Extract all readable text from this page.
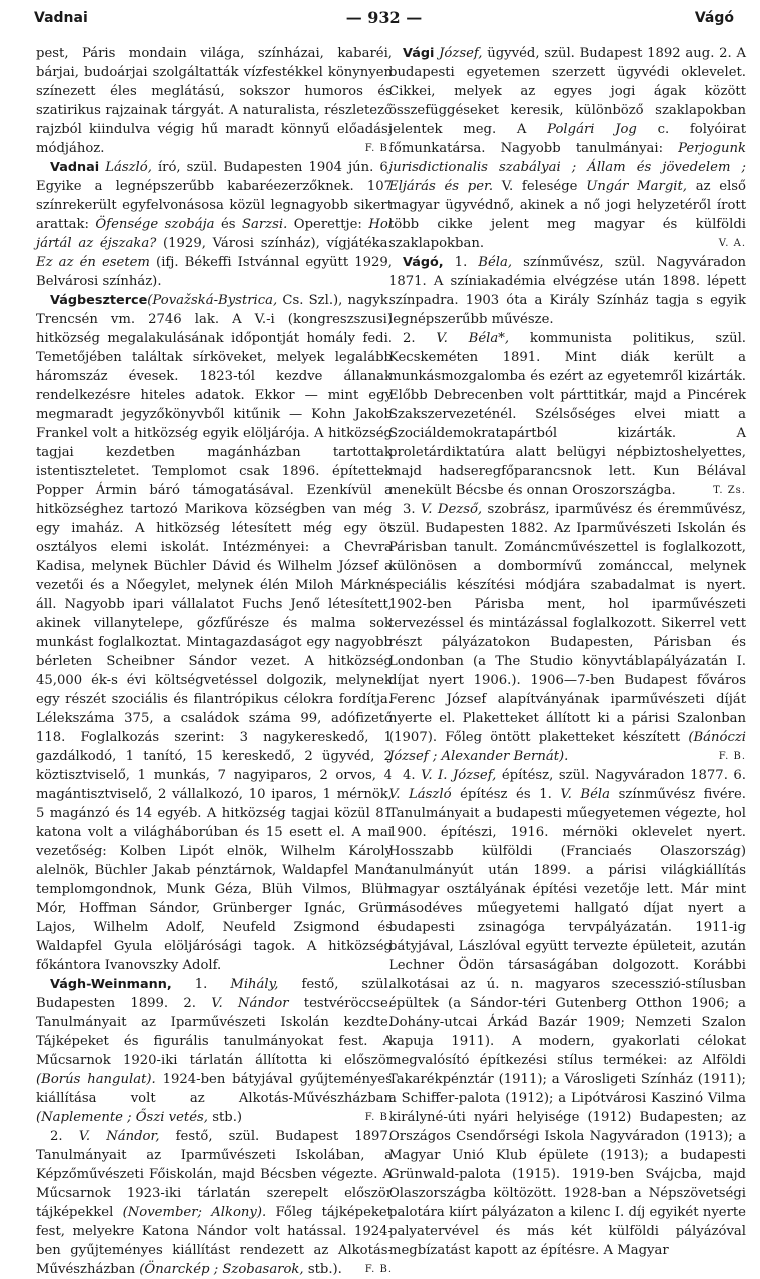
Vadnai	— 932 —	Vágó

pest, Páris mondain világa, színházai, kabaréi, bárjai, budoárjai szolgáltatták vízfestékkel könynyen színezett éles meglátású, sokszor humoros és szatirikus rajzainak tárgyát. A naturalista, részletező rajzból kiindulva végig hű maradt könnyű előadási módjához.	F. B.

Vadnai László, író, szül. Budapesten 1904 jún. 6. Egyike a legnépszerűbb kabaréezerzőknek. 107 színrekerült egyfelvonásosa közül legnagyobb sikert arattak: Öfensége szobája és Sarzsi. Operettje: Hol jártál az éjszaka? (1929, Városi színház), vígjátéka: Ez az én esetem (ifj. Békeffi Istvánnal együtt 1929, Belvárosi színház).

Vágbeszterce(Považská-Bystrica, Cs. Szl.), nagyk. Trencsén vm. 2746 lak. A V.-i (kongreszszusi) hitközség megalakulásának időpontját homály fedi. Temetőjében találtak sírköveket, melyek legalább háromszáz évesek. 1823-tól kezdve állanak rendelkezésre hiteles adatok. Ekkor — mint egy megmaradt jegyzőkönyvből kitűnik — Kohn Jakob Frankel volt a hitközség egyik elöljárója. A hitközség tagjai kezdetben magánházban tartottak istentiszteletet. Templomot csak 1896. építettek Popper Ármin báró támogatásával. Ezenkívül a hitközséghez tartozó Marikova községben van még egy imaház. A hitközség létesített még egy öt osztályos elemi iskolát. Intézményei: a Chevra Kadisa, melynek Büchler Dávid és Wilhelm József a vezetői és a Nőegylet, melynek élén Miloh Márkné áll. Nagyobb ipari vállalatot Fuchs Jenő létesített, akinek villanytelepe, gőzfűrésze és malma sok munkást foglalkoztat. Mintagazdaságot egy nagyobb bérleten Scheibner Sándor vezet. A hitközség 45,000 ék-s évi költségvetéssel dolgozik, melynek egy részét szociális és filantrópikus célokra fordítja. Lélekszáma 375, a családok száma 99, adófizető 118. Foglalkozás szerint: 3 nagykereskedő, 1 gazdálkodó, 1 tanító, 15 kereskedő, 2 ügyvéd, 2 köztisztviselő, 1 munkás, 7 nagyiparos, 2 orvos, 4 magántisztviselő, 2 vállalkozó, 10 iparos, 1 mérnök, 5 magánzó és 14 egyéb. A hitközség tagjai közül 81 katona volt a világháborúban és 15 esett el. A mai vezetőség: Kolben Lipót elnök, Wilhelm Károly alelnök, Büchler Jakab pénztárnok, Waldapfel Manó templomgondnok, Munk Géza, Blüh Vilmos, Blüh Mór, Hoffman Sándor, Grünberger Ignác, Grün Lajos, Wilhelm Adolf, Neufeld Zsigmond és Waldapfel Gyula elöljárósági tagok. A hitközség főkántora Ivanovszky Adolf.

Vágh-Weinmann, 1. Mihály, festő, szül. Budapesten 1899. 2. V. Nándor testvéröccse. Tanulmányait az Iparművészeti Iskolán kezdte. Tájképeket és figurális tanulmányokat fest. A Műcsarnok 1920-iki tárlatán állította ki először (Borús hangulat). 1924-ben bátyjával gyűjteményes kiállítása volt az Alkotás-Művészházban (Naplemente ; Őszi vetés, stb.)	F. B.

2. V. Nándor, festő, szül. Budapest 1897. Tanulmányait az Iparművészeti Iskolában, a Képzőművészeti Főiskolán, majd Bécsben végezte. A Műcsarnok 1923-iki tárlatán szerepelt először tájképekkel (November; Alkony). Főleg tájképeket fest, melyekre Katona Nándor volt hatással. 1924-ben gyűjteményes kiállítást rendezett az Alkotás-Művészházban (Önarckép ; Szobasarok, stb.).	F. B.

Vági József, ügyvéd, szül. Budapest 1892 aug. 2. A budapesti egyetemen szerzett ügyvédi oklevelet. Cikkei, melyek az egyes jogi ágak között összefüggéseket keresik, különböző szaklapokban jelentek meg. A Polgári Jog c. folyóirat főmunkatársa. Nagyobb tanulmányai: Perjogunk jurisdictionalis szabályai ; Állam és jövedelem ; Eljárás és per. V. felesége Ungár Margit, az első magyar ügyvédnő, akinek a nő jogi helyzetéről írott több cikke jelent meg magyar és külföldi szaklapokban.	V. A.

Vágó, 1. Béla, színművész, szül. Nagyváradon 1871. A színiakadémia elvégzése után 1898. lépett színpadra. 1903 óta a Király Színház tagja s egyik legnépszerűbb művésze.

2. V. Béla*, kommunista politikus, szül. Kecskeméten 1891. Mint diák került a munkásmozgalomba és ezért az egyetemről kizárták. Előbb Debrecenben volt párttitkár, majd a Pincérek Szakszervezeténél. Szélsőséges elvei miatt a Szociáldemokratapártból kizárták. A proletárdiktatúra alatt belügyi népbiztoshelyettes, majd hadseregfőparancsnok lett. Kun Bélával menekült Bécsbe és onnan Oroszországba.	T. Zs.

3. V. Dezső, szobrász, iparművész és éremművész, szül. Budapesten 1882. Az Iparművészeti Iskolán és Párisban tanult. Zománcművészettel is foglalkozott, különösen a dombormívű zománccal, melynek speciális készítési módjára szabadalmat is nyert. 1902-ben Párisba ment, hol iparművészeti tervezéssel és mintázással foglalkozott. Sikerrel vett részt pályázatokon Budapesten, Párisban és Londonban (a The Studio könyvtáblapályázatán I. díjat nyert 1906.). 1906—7-ben Budapest főváros Ferenc József alapítványának iparművészeti díját nyerte el. Plaketteket állított ki a párisi Szalonban (1907). Főleg öntött plaketteket készített (Bánóczi József ; Alexander Bernát).	F. B.

4. V. I. József, építész, szül. Nagyváradon 1877. 6. V. László építész és 1. V. Béla színművész fivére. Tanulmányait a budapesti műegyetemen végezte, hol 1900. építészi, 1916. mérnöki oklevelet nyert. Hosszabb külföldi (Franciaés Olaszország) tanulmányút után 1899. a párisi világkiállítás magyar osztályának építési vezetője lett. Már mint másodéves műegyetemi hallgató díjat nyert a budapesti zsinagóga tervpályázatán. 1911-ig bátyjával, Lászlóval együtt tervezte épületeit, azután Lechner Ödön társaságában dolgozott. Korábbi alkotásai az ú. n. magyaros szecesszió-stílusban épültek (a Sándor-téri Gutenberg Otthon 1906; a Dohány-utcai Árkád Bazár 1909; Nemzeti Szalon kapuja 1911). A modern, gyakorlati célokat megvalósító építkezési stílus termékei: az Alföldi Takarékpénztár (1911); a Városligeti Színház (1911); a Schiffer-palota (1912); a Lipótvárosi Kaszinó Vilma királyné-úti nyári helyisége (1912) Budapesten; az Országos Csendőrségi Iskola Nagyváradon (1913); a Magyar Unió Klub épülete (1913); a budapesti Grünwald-palota (1915). 1919-ben Svájcba, majd Olaszországba költözött. 1928-ban a Népszövetségi palotára kiírt pályázaton a kilenc I. díj egyikét nyerte palyatervével és más két külföldi pályázóval megbízatást kapott az építésre. A Magyar
